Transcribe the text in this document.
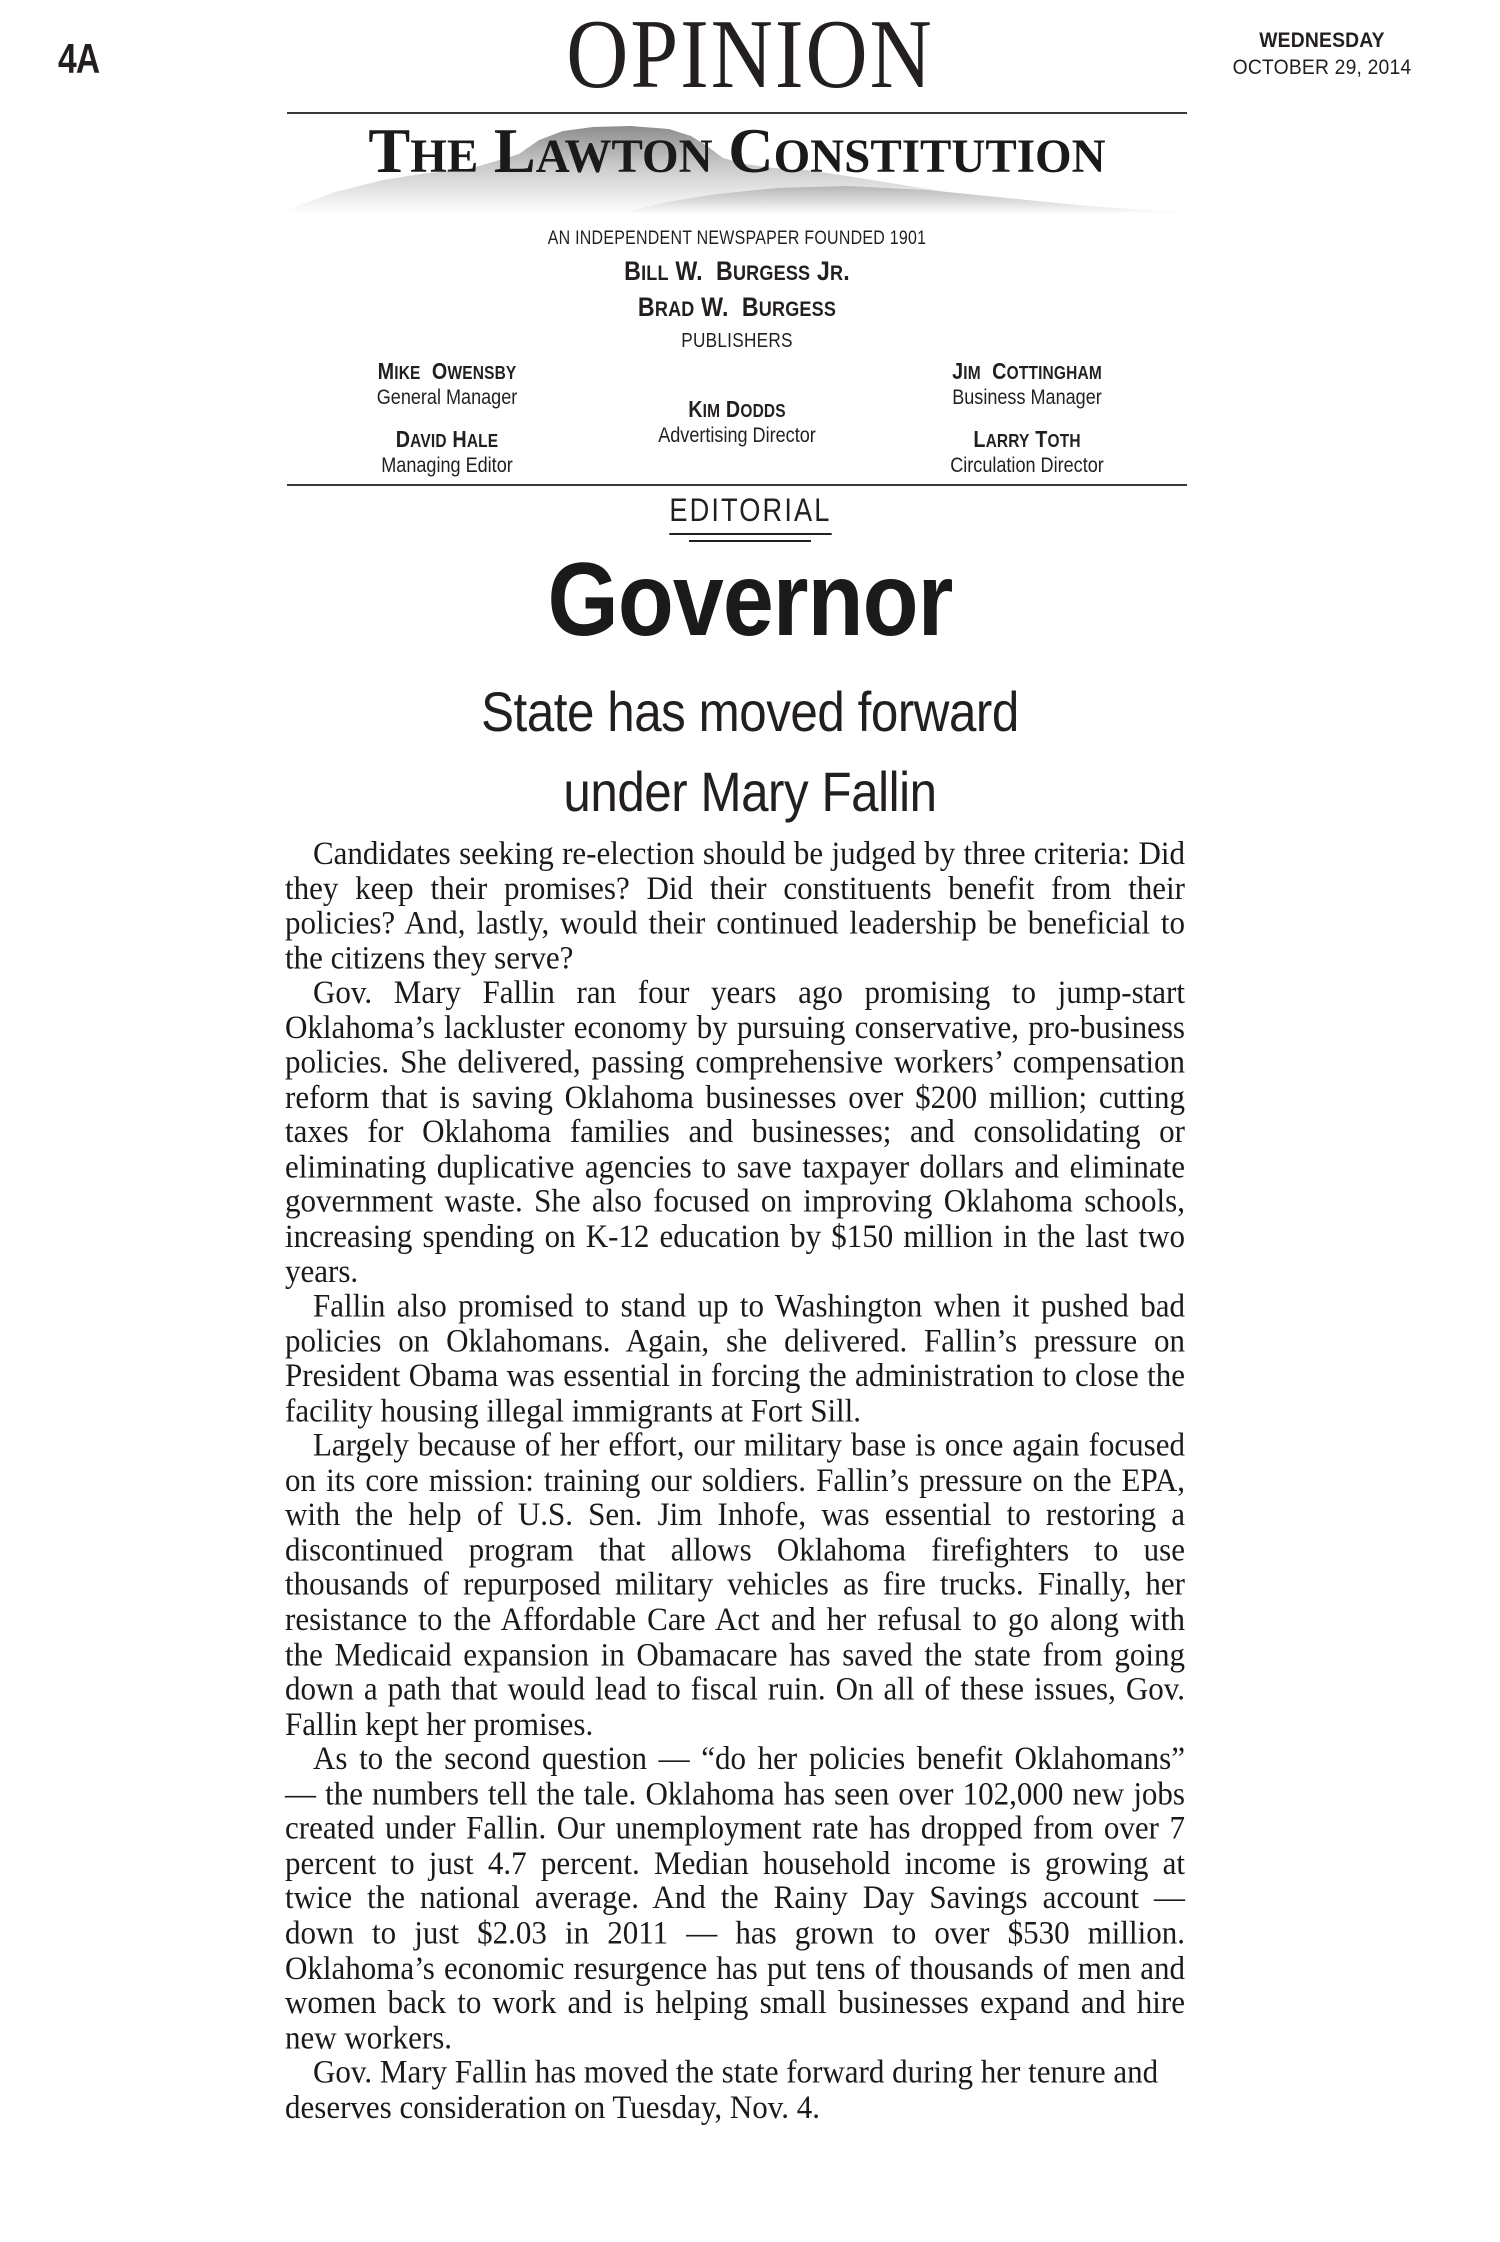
4A	OPINION	WEDNESDAY
OCTOBER 29, 2014
THE LAWTON CONSTITUTION
AN INDEPENDENT NEWSPAPER FOUNDED 1901
BILL W.  BURGESS JR.
BRAD W.  BURGESS
PUBLISHERS
MIKE  OWENSBY
General Manager
DAVID HALE
Managing Editor
KIM DODDS
Advertising Director
JIM  COTTINGHAM
Business Manager
LARRY TOTH
Circulation Director
EDITORIAL
Governor
State has moved forward
under Mary Fallin

Candidates seeking re-election should be judged by three criteria: Did they keep their promises? Did their constituents benefit from their policies? And, lastly, would their continued leadership be beneficial to the citizens they serve?

Gov. Mary Fallin ran four years ago promising to jump-start Oklahoma’s lackluster economy by pursuing conservative, pro-business policies. She delivered, passing comprehensive workers’ compensation reform that is saving Oklahoma businesses over $200 million; cutting taxes for Oklahoma families and businesses; and consolidating or eliminating duplicative agencies to save taxpayer dollars and eliminate government waste. She also focused on improving Oklahoma schools, increasing spending on K-12 education by $150 million in the last two years.

Fallin also promised to stand up to Washington when it pushed bad policies on Oklahomans. Again, she delivered. Fallin’s pressure on President Obama was essential in forcing the administration to close the facility housing illegal immigrants at Fort Sill.

Largely because of her effort, our military base is once again focused on its core mission: training our soldiers. Fallin’s pressure on the EPA, with the help of U.S. Sen. Jim Inhofe, was essential to restoring a discontinued program that allows Oklahoma firefighters to use thousands of repurposed military vehicles as fire trucks. Finally, her resistance to the Affordable Care Act and her refusal to go along with the Medicaid expansion in Obamacare has saved the state from going down a path that would lead to fiscal ruin. On all of these issues, Gov. Fallin kept her promises.

As to the second question — “do her policies benefit Oklahomans” — the numbers tell the tale. Oklahoma has seen over 102,000 new jobs created under Fallin. Our unemployment rate has dropped from over 7 percent to just 4.7 percent. Median household income is growing at twice the national average. And the Rainy Day Savings account — down to just $2.03 in 2011 — has grown to over $530 million. Oklahoma’s economic resurgence has put tens of thousands of men and women back to work and is helping small businesses expand and hire new workers.

Gov. Mary Fallin has moved the state forward during her tenure and deserves consideration on Tuesday, Nov. 4.
